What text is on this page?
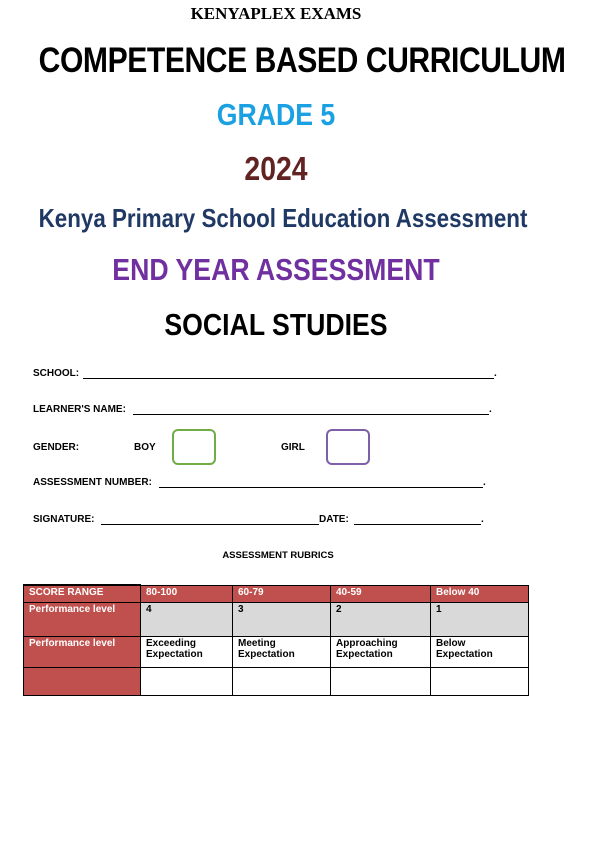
KENYAPLEX EXAMS
COMPETENCE BASED CURRICULUM
GRADE 5
2024
Kenya Primary School Education Assessment
END YEAR ASSESSMENT
SOCIAL STUDIES
SCHOOL:	.
LEARNER'S NAME:	.
GENDER:	BOY	GIRL
ASSESSMENT NUMBER:	.
SIGNATURE:	DATE:	.
ASSESSMENT RUBRICS
SCORE RANGE	80-100	60-79	40-59	Below 40
Performance level	4	3	2	1
Performance level	Exceeding Expectation	Meeting Expectation	Approaching Expectation	Below Expectation
